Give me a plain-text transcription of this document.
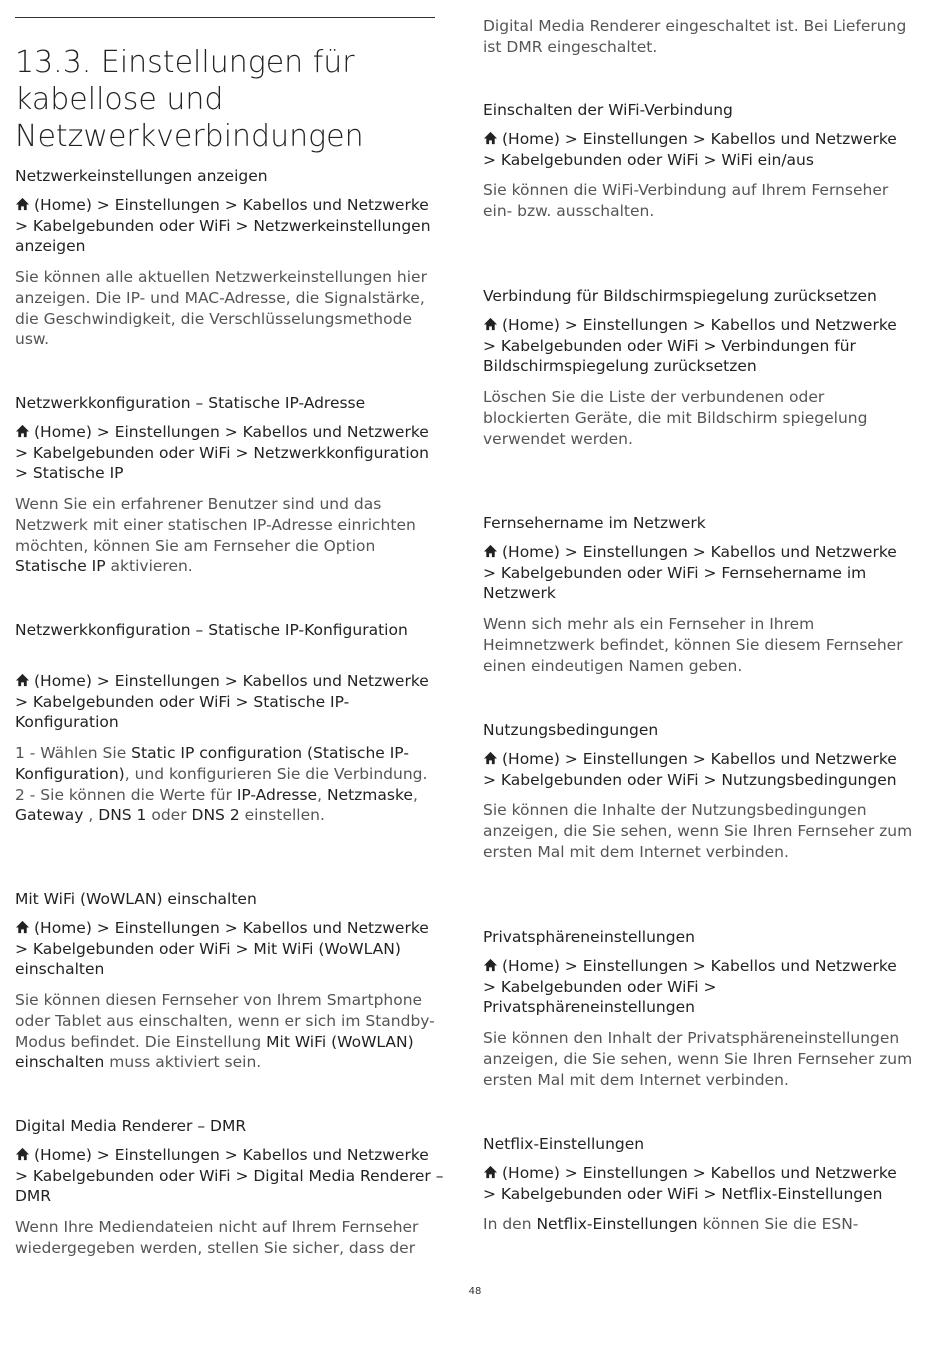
13.3. Einstellungen für kabellose und Netzwerkverbindungen
Netzwerkeinstellungen anzeigen
(Home) > Einstellungen > Kabellos und Netzwerke > Kabelgebunden oder WiFi > Netzwerkeinstellungen anzeigen
Sie können alle aktuellen Netzwerkeinstellungen hier anzeigen. Die IP- und MAC-Adresse, die Signalstärke, die Geschwindigkeit, die Verschlüsselungsmethode usw.
Netzwerkkonfiguration – Statische IP-Adresse
(Home) > Einstellungen > Kabellos und Netzwerke > Kabelgebunden oder WiFi > Netzwerkkonfiguration > Statische IP
Wenn Sie ein erfahrener Benutzer sind und das Netzwerk mit einer statischen IP-Adresse einrichten möchten, können Sie am Fernseher die Option Statische IP aktivieren.
Netzwerkkonfiguration – Statische IP-Konfiguration
(Home) > Einstellungen > Kabellos und Netzwerke > Kabelgebunden oder WiFi > Statische IP-Konfiguration
1 - Wählen Sie Static IP configuration (Statische IP-Konfiguration), und konfigurieren Sie die Verbindung.
2 - Sie können die Werte für IP-Adresse, Netzmaske, Gateway , DNS 1 oder DNS 2 einstellen.
Mit WiFi (WoWLAN) einschalten
(Home) > Einstellungen > Kabellos und Netzwerke > Kabelgebunden oder WiFi > Mit WiFi (WoWLAN) einschalten
Sie können diesen Fernseher von Ihrem Smartphone oder Tablet aus einschalten, wenn er sich im Standby-Modus befindet. Die Einstellung Mit WiFi (WoWLAN) einschalten muss aktiviert sein.
Digital Media Renderer – DMR
(Home) > Einstellungen > Kabellos und Netzwerke > Kabelgebunden oder WiFi > Digital Media Renderer – DMR
Wenn Ihre Mediendateien nicht auf Ihrem Fernseher wiedergegeben werden, stellen Sie sicher, dass der
Digital Media Renderer eingeschaltet ist. Bei Lieferung ist DMR eingeschaltet.
Einschalten der WiFi-Verbindung
(Home) > Einstellungen > Kabellos und Netzwerke > Kabelgebunden oder WiFi > WiFi ein/aus
Sie können die WiFi-Verbindung auf Ihrem Fernseher ein- bzw. ausschalten.
Verbindung für Bildschirmspiegelung zurücksetzen
(Home) > Einstellungen > Kabellos und Netzwerke > Kabelgebunden oder WiFi > Verbindungen für Bildschirmspiegelung zurücksetzen
Löschen Sie die Liste der verbundenen oder blockierten Geräte, die mit Bildschirm spiegelung verwendet werden.
Fernsehername im Netzwerk
(Home) > Einstellungen > Kabellos und Netzwerke > Kabelgebunden oder WiFi > Fernsehername im Netzwerk
Wenn sich mehr als ein Fernseher in Ihrem Heimnetzwerk befindet, können Sie diesem Fernseher einen eindeutigen Namen geben.
Nutzungsbedingungen
(Home) > Einstellungen > Kabellos und Netzwerke > Kabelgebunden oder WiFi > Nutzungsbedingungen
Sie können die Inhalte der Nutzungsbedingungen anzeigen, die Sie sehen, wenn Sie Ihren Fernseher zum ersten Mal mit dem Internet verbinden.
Privatsphäreneinstellungen
(Home) > Einstellungen > Kabellos und Netzwerke > Kabelgebunden oder WiFi > Privatsphäreneinstellungen
Sie können den Inhalt der Privatsphäreneinstellungen anzeigen, die Sie sehen, wenn Sie Ihren Fernseher zum ersten Mal mit dem Internet verbinden.
Netflix-Einstellungen
(Home) > Einstellungen > Kabellos und Netzwerke > Kabelgebunden oder WiFi > Netflix-Einstellungen
In den Netflix-Einstellungen können Sie die ESN-
48
